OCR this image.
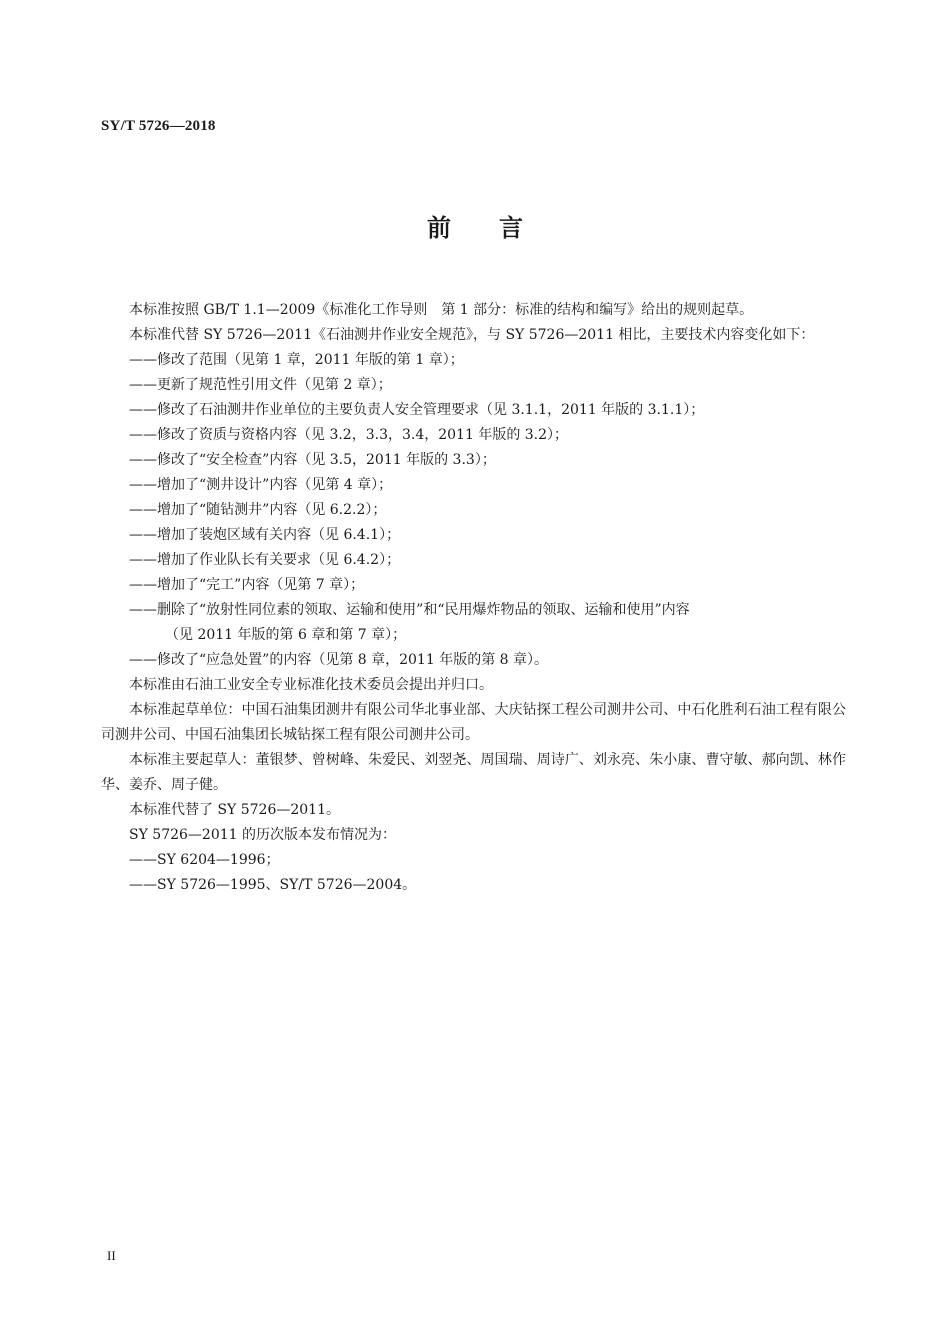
SY/T 5726—2018
前言
本标准按照 GB/T 1.1—2009《标准化工作导则　第 1 部分：标准的结构和编写》给出的规则起草。
本标准代替 SY 5726—2011《石油测井作业安全规范》，与 SY 5726—2011 相比，主要技术内容变化如下：
——修改了范围（见第 1 章，2011 年版的第 1 章）；
——更新了规范性引用文件（见第 2 章）；
——修改了石油测井作业单位的主要负责人安全管理要求（见 3.1.1，2011 年版的 3.1.1）；
——修改了资质与资格内容（见 3.2，3.3，3.4，2011 年版的 3.2）；
——修改了“安全检查”内容（见 3.5，2011 年版的 3.3）；
——增加了“测井设计”内容（见第 4 章）；
——增加了“随钻测井”内容（见 6.2.2）；
——增加了装炮区域有关内容（见 6.4.1）；
——增加了作业队长有关要求（见 6.4.2）；
——增加了“完工”内容（见第 7 章）；
——删除了“放射性同位素的领取、运输和使用”和“民用爆炸物品的领取、运输和使用”内容
（见 2011 年版的第 6 章和第 7 章）；
——修改了“应急处置”的内容（见第 8 章，2011 年版的第 8 章）。
本标准由石油工业安全专业标准化技术委员会提出并归口。
本标准起草单位：中国石油集团测井有限公司华北事业部、大庆钻探工程公司测井公司、中石化胜利石油工程有限公司测井公司、中国石油集团长城钻探工程有限公司测井公司。
本标准主要起草人：董银梦、曾树峰、朱爱民、刘翌尧、周国瑞、周诗广、刘永亮、朱小康、曹守敏、郝向凯、林作华、姜乔、周子健。
本标准代替了 SY 5726—2011。
SY 5726—2011 的历次版本发布情况为：
——SY 6204—1996；
——SY 5726—1995、SY/T 5726—2004。
II
